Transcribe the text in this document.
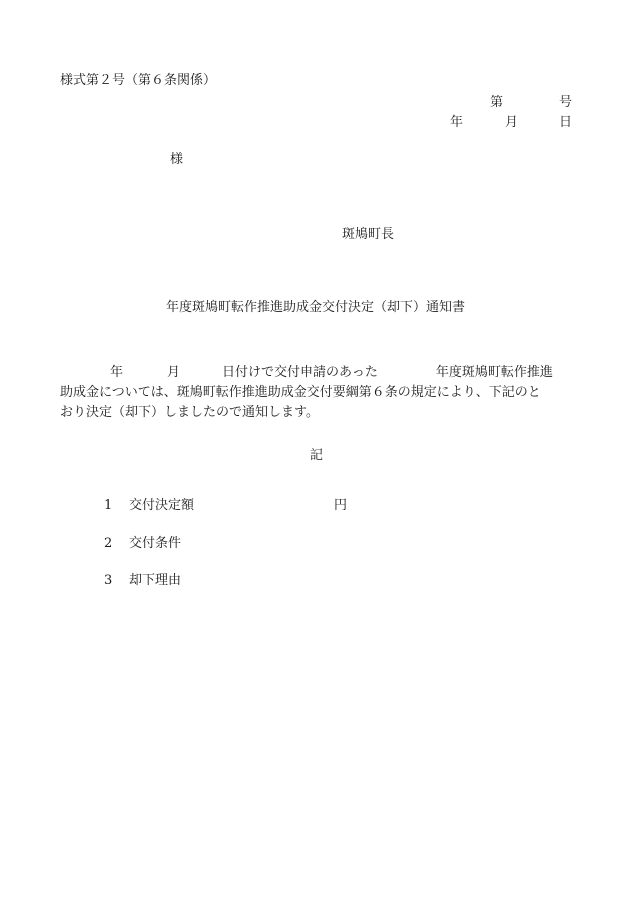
様式第２号（第６条関係）
第	号
年	月	日
様
斑鳩町長
年度斑鳩町転作推進助成金交付決定（却下）通知書
年	月	日付けで交付申請のあった	年度斑鳩町転作推進
助成金については、斑鳩町転作推進助成金交付要綱第６条の規定により、下記のと
おり決定（却下）しましたので通知します。
記
1 交付決定額	円
2 交付条件
3 却下理由
